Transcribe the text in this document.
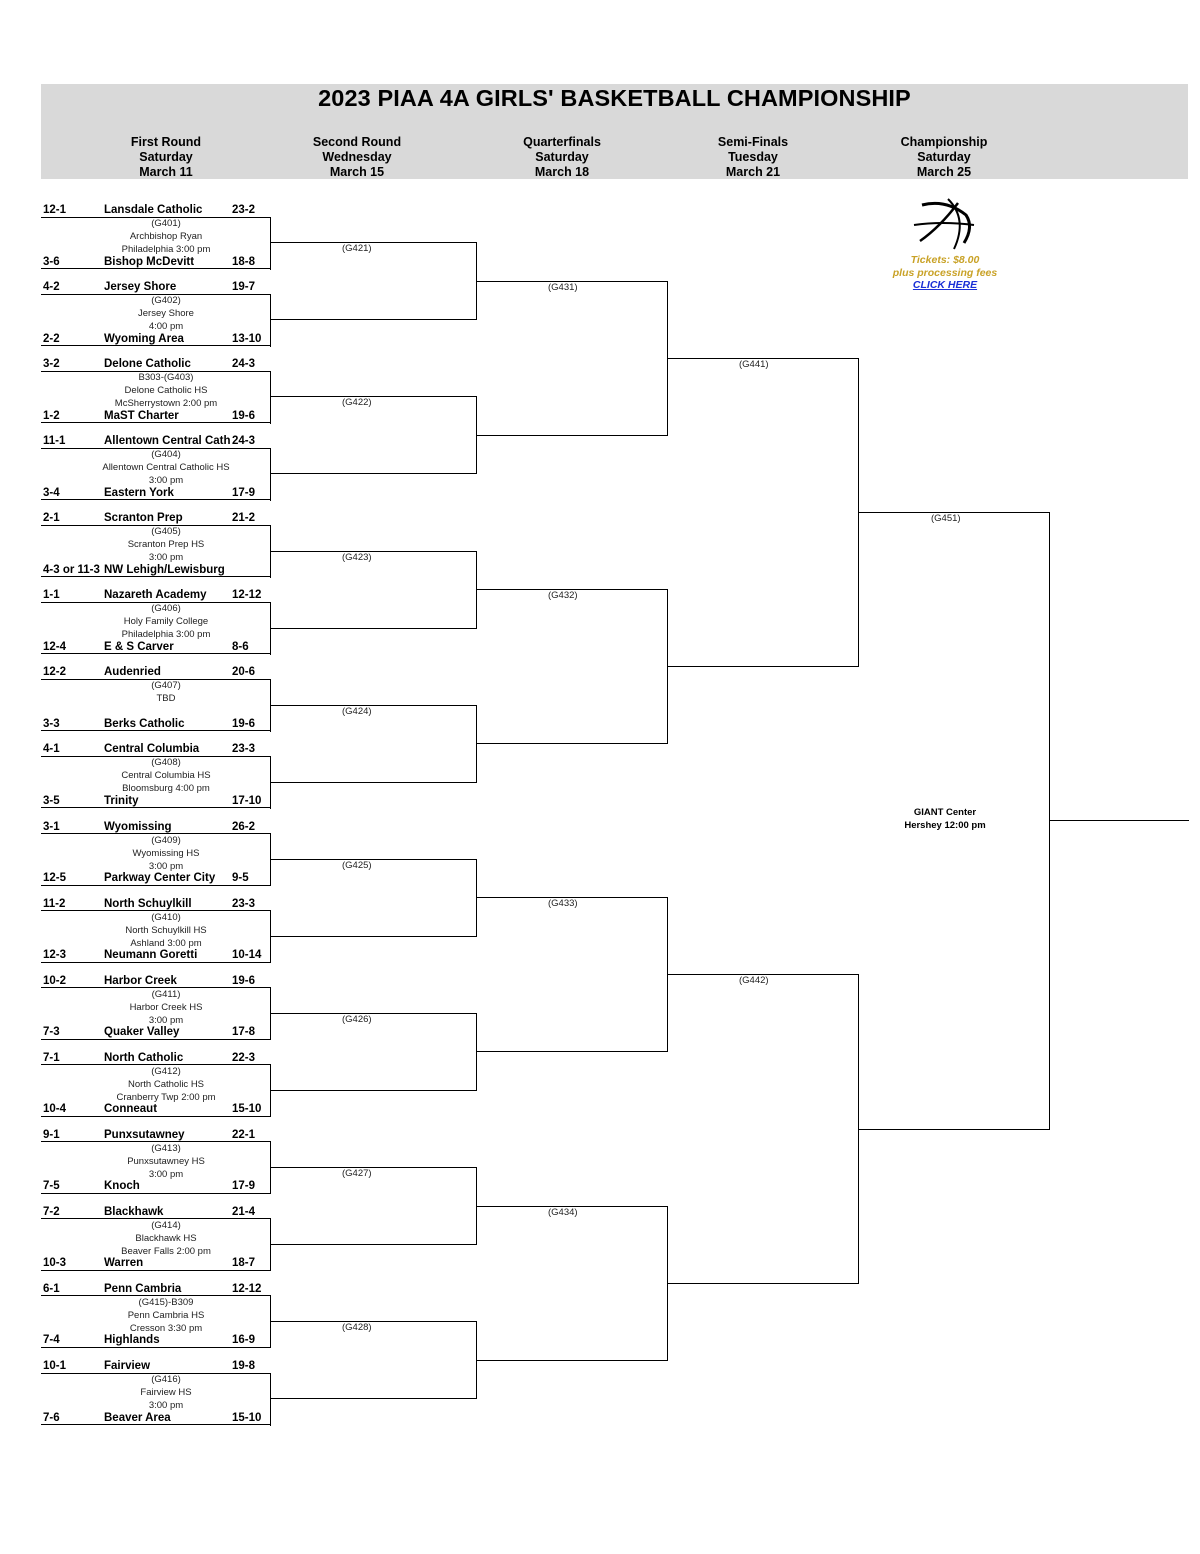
2023 PIAA 4A GIRLS' BASKETBALL CHAMPIONSHIP
First Round
Saturday
March 11
Second Round
Wednesday
March 15
Quarterfinals
Saturday
March 18
Semi-Finals
Tuesday
March 21
Championship
Saturday
March 25
12-1	Lansdale Catholic	23-2
3-6	Bishop McDevitt	18-8
(G401)
Archbishop Ryan
Philadelphia 3:00 pm
4-2	Jersey Shore	19-7
2-2	Wyoming Area	13-10
(G402)
Jersey Shore
4:00 pm
3-2	Delone Catholic	24-3
1-2	MaST Charter	19-6
B303-(G403)
Delone Catholic HS
McSherrystown 2:00 pm
11-1	Allentown Central Cath 24-3
3-4	Eastern York	17-9
(G404)
Allentown Central Catholic HS
3:00 pm
2-1	Scranton Prep	21-2
4-3 or 11-3 NW Lehigh/Lewisburg
(G405)
Scranton Prep HS
3:00 pm
1-1	Nazareth Academy 12-12
12-4	E & S Carver	8-6
(G406)
Holy Family College
Philadelphia 3:00 pm
12-2	Audenried	20-6
3-3	Berks Catholic	19-6
(G407)
TBD
4-1	Central Columbia	23-3
3-5	Trinity	17-10
(G408)
Central Columbia HS
Bloomsburg 4:00 pm
3-1	Wyomissing	26-2
12-5	Parkway Center City 9-5
(G409)
Wyomissing HS
3:00 pm
11-2	North Schuylkill	23-3
12-3	Neumann Goretti	10-14
(G410)
North Schuylkill HS
Ashland 3:00 pm
10-2	Harbor Creek	19-6
7-3	Quaker Valley	17-8
(G411)
Harbor Creek HS
3:00 pm
7-1	North Catholic	22-3
10-4	Conneaut	15-10
(G412)
North Catholic HS
Cranberry Twp 2:00 pm
9-1	Punxsutawney	22-1
7-5	Knoch	17-9
(G413)
Punxsutawney HS
3:00 pm
7-2	Blackhawk	21-4
10-3	Warren	18-7
(G414)
Blackhawk HS
Beaver Falls 2:00 pm
6-1	Penn Cambria	12-12
7-4	Highlands	16-9
(G415)-B309
Penn Cambria HS
Cresson 3:30 pm
10-1	Fairview	19-8
7-6	Beaver Area	15-10
(G416)
Fairview HS
3:00 pm
(G421)
(G422)
(G423)
(G424)
(G425)
(G426)
(G427)
(G428)
(G431)
(G432)
(G433)
(G434)
(G441)
(G442)
(G451)
Tickets: $8.00
plus processing fees
CLICK HERE
GIANT Center
Hershey 12:00 pm
